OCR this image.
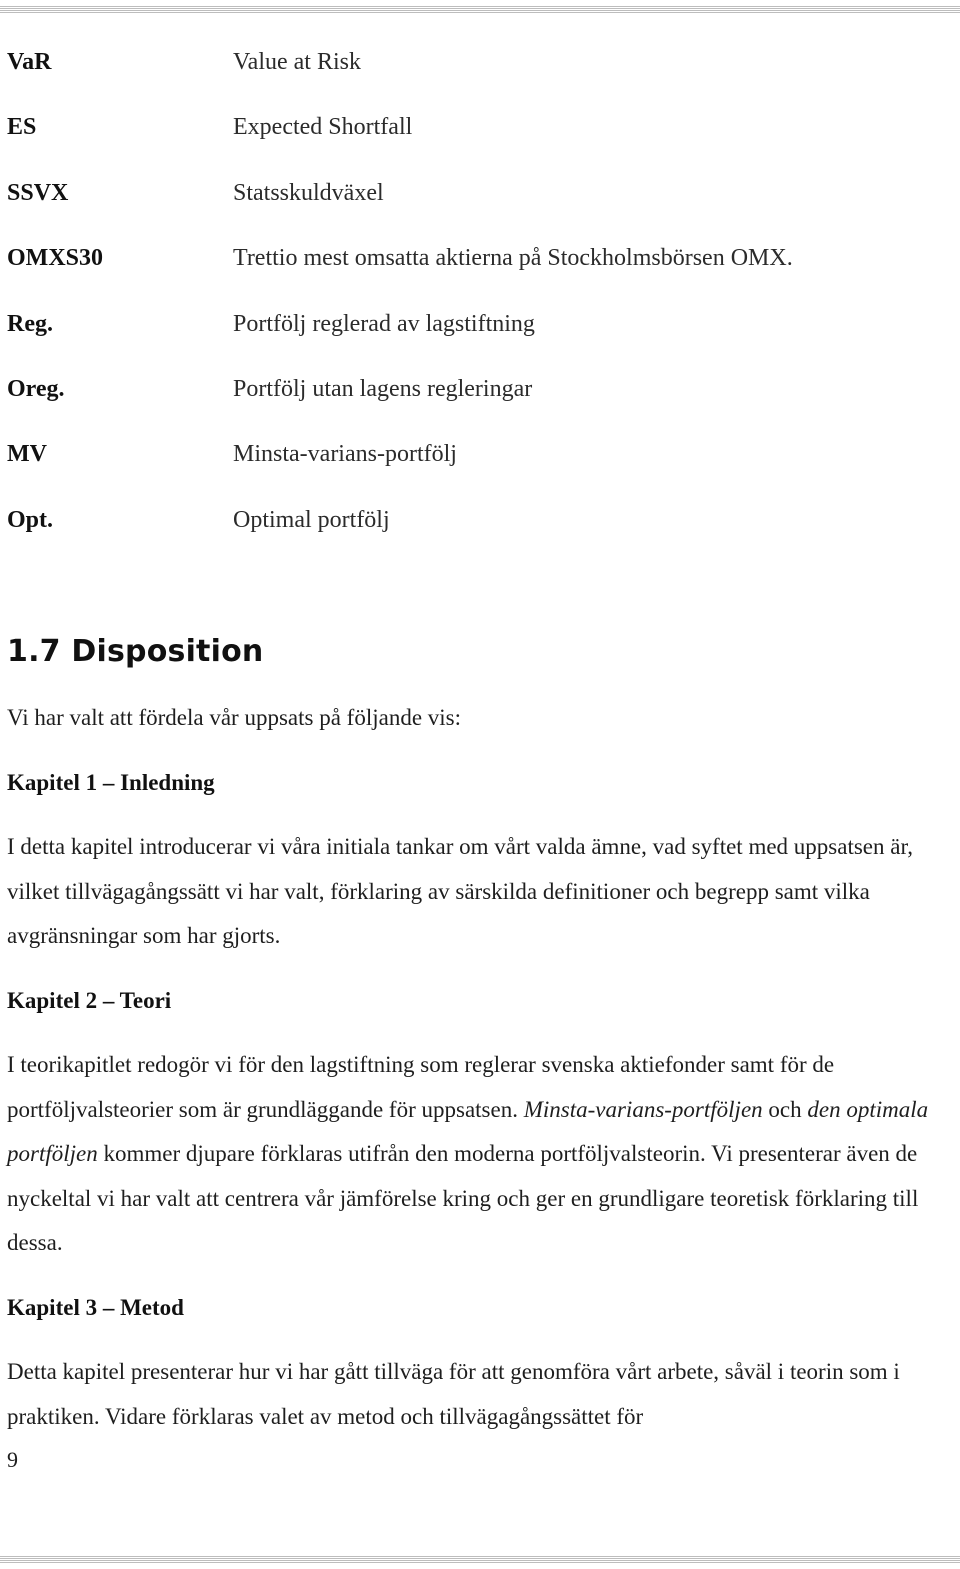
VaR	Value at Risk
ES	Expected Shortfall
SSVX	Statsskuldväxel
OMXS30	Trettio mest omsatta aktierna på Stockholmsbörsen OMX.
Reg.	Portfölj reglerad av lagstiftning
Oreg.	Portfölj utan lagens regleringar
MV	Minsta-varians-portfölj
Opt.	Optimal portfölj
1.7 Disposition

Vi har valt att fördela vår uppsats på följande vis:

Kapitel 1 – Inledning

I detta kapitel introducerar vi våra initiala tankar om vårt valda ämne, vad syftet med uppsatsen är, vilket tillvägagångssätt vi har valt, förklaring av särskilda definitioner och begrepp samt vilka avgränsningar som har gjorts.

Kapitel 2 – Teori

I teorikapitlet redogör vi för den lagstiftning som reglerar svenska aktiefonder samt för de portföljvalsteorier som är grundläggande för uppsatsen. Minsta-varians-portföljen och den optimala portföljen kommer djupare förklaras utifrån den moderna portföljvalsteorin. Vi presenterar även de nyckeltal vi har valt att centrera vår jämförelse kring och ger en grundligare teoretisk förklaring till dessa.

Kapitel 3 – Metod

Detta kapitel presenterar hur vi har gått tillväga för att genomföra vårt arbete, såväl i teorin som i praktiken. Vidare förklaras valet av metod och tillvägagångssättet för

9
